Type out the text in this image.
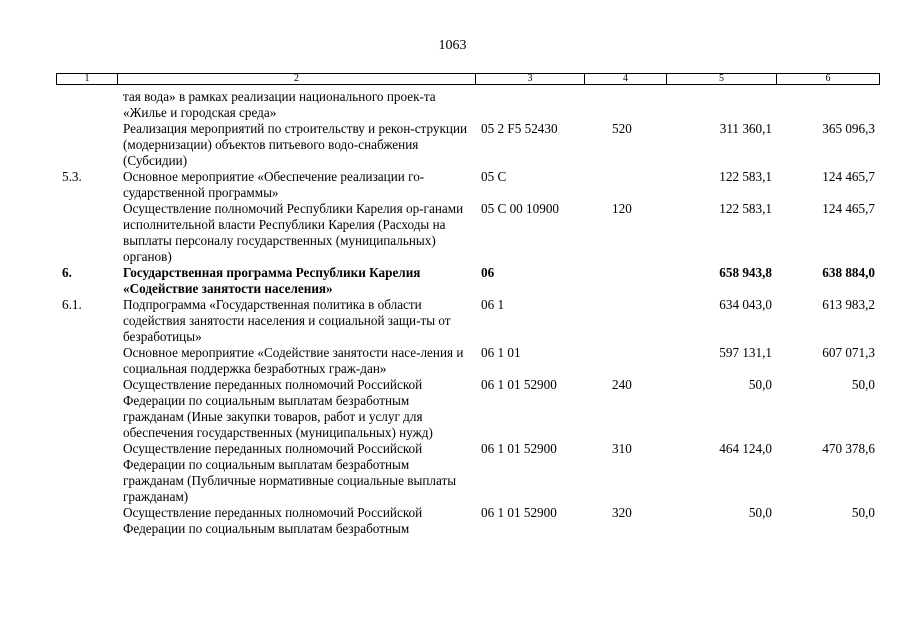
1063
1	2	3	4	5	6
	тая вода» в рамках реализации национального проек-та «Жилье и городская среда»				
	Реализация мероприятий по строительству и рекон-струкции (модернизации) объектов питьевого водо-снабжения (Субсидии)	05 2 F5 52430	520	311 360,1	365 096,3
5.3.	Основное мероприятие «Обеспечение реализации го-сударственной программы»	05 С		122 583,1	124 465,7
	Осуществление полномочий Республики Карелия ор-ганами исполнительной власти Республики Карелия (Расходы на выплаты персоналу государственных (муниципальных) органов)	05 С 00 10900	120	122 583,1	124 465,7
6.	Государственная программа Республики Карелия «Содействие занятости населения»	06		658 943,8	638 884,0
6.1.	Подпрограмма «Государственная политика в области содействия занятости населения и социальной защи-ты от безработицы»	06 1		634 043,0	613 983,2
	Основное мероприятие «Содействие занятости насе-ления и социальная поддержка безработных граж-дан»	06 1 01		597 131,1	607 071,3
	Осуществление переданных полномочий Российской Федерации по социальным выплатам безработным гражданам (Иные закупки товаров, работ и услуг для обеспечения государственных (муниципальных) нужд)	06 1 01 52900	240	50,0	50,0
	Осуществление переданных полномочий Российской Федерации по социальным выплатам безработным гражданам (Публичные нормативные социальные выплаты гражданам)	06 1 01 52900	310	464 124,0	470 378,6
	Осуществление переданных полномочий Российской Федерации по социальным выплатам безработным	06 1 01 52900	320	50,0	50,0
